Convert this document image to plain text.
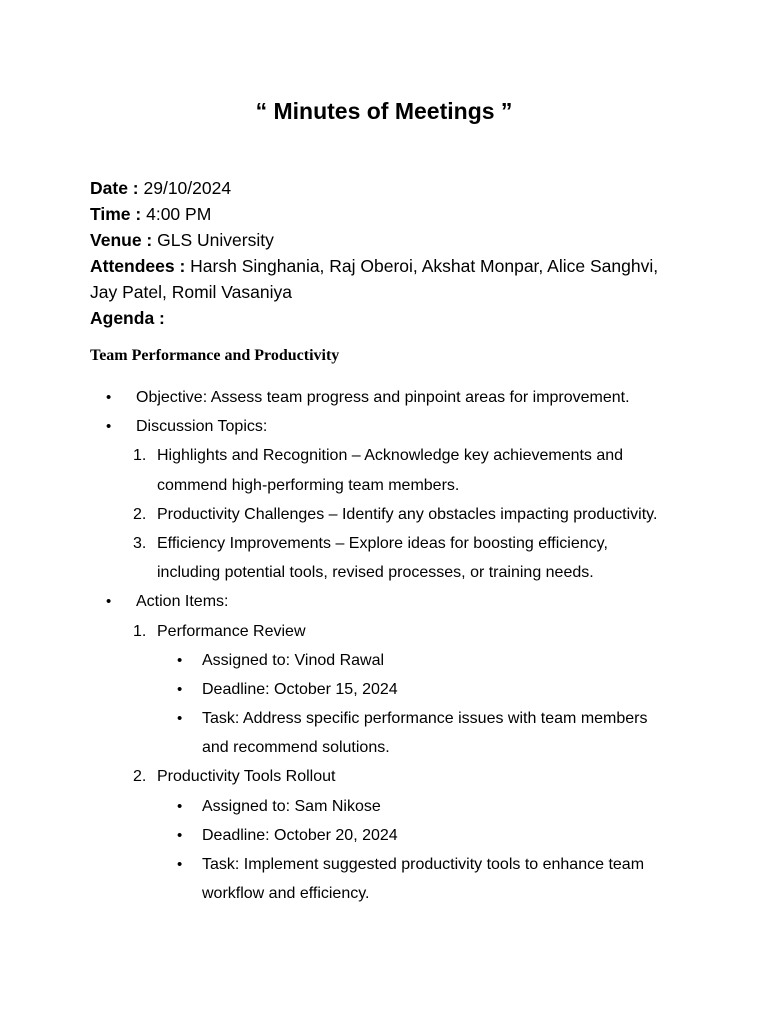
“ Minutes of Meetings ”

Date : 29/10/2024

Time : 4:00 PM

Venue : GLS University

Attendees : Harsh Singhania, Raj Oberoi, Akshat Monpar, Alice Sanghvi,
Jay Patel, Romil Vasaniya

Agenda :

Team Performance and Productivity
• Objective: Assess team progress and pinpoint areas for improvement.
• Discussion Topics:
1. Highlights and Recognition – Acknowledge key achievements and
commend high-performing team members.
2. Productivity Challenges – Identify any obstacles impacting productivity.
3. Efficiency Improvements – Explore ideas for boosting efficiency,
including potential tools, revised processes, or training needs.
• Action Items:
1. Performance Review
• Assigned to: Vinod Rawal
• Deadline: October 15, 2024
• Task: Address specific performance issues with team members
and recommend solutions.
2. Productivity Tools Rollout
• Assigned to: Sam Nikose
• Deadline: October 20, 2024
• Task: Implement suggested productivity tools to enhance team
workflow and efficiency.
